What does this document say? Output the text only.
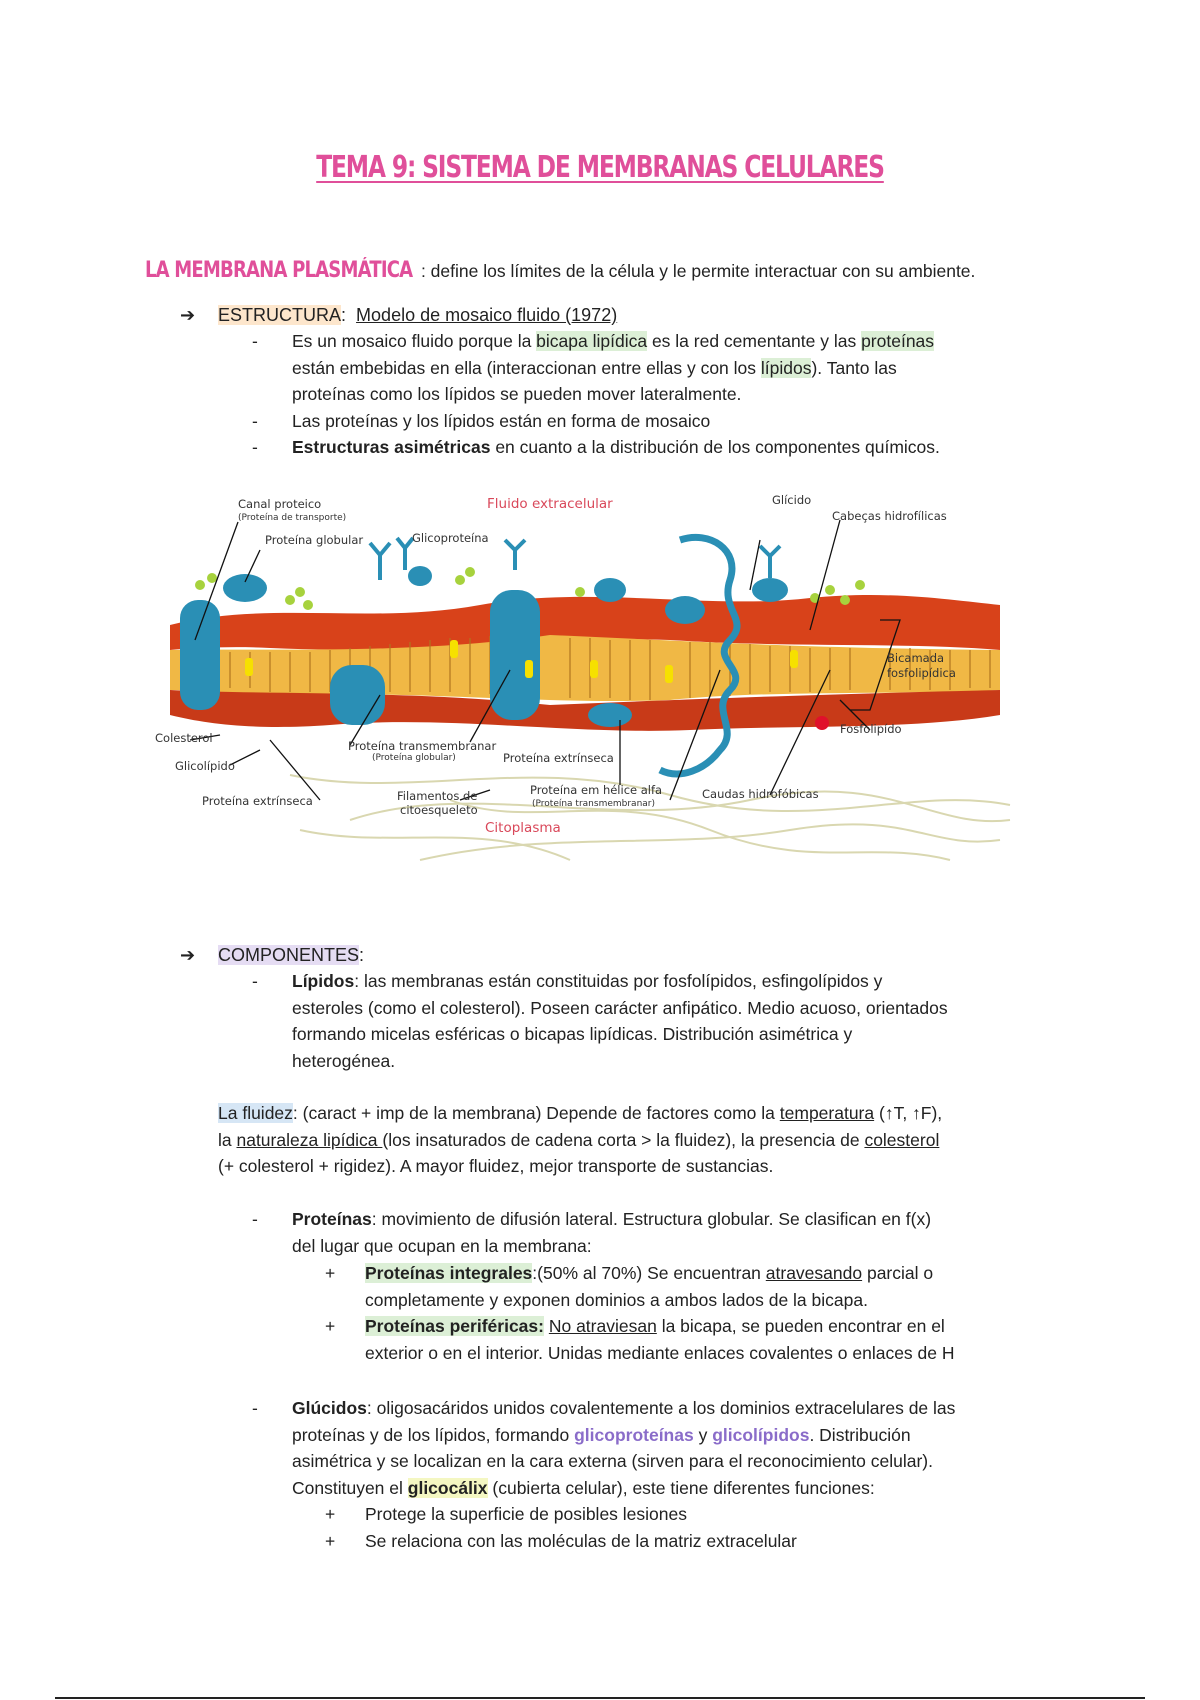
TEMA 9: SISTEMA DE MEMBRANAS CELULARES
LA MEMBRANA PLASMÁTICA : define los límites de la célula y le permite interactuar con su ambiente.
➔ ESTRUCTURA: Modelo de mosaico fluido (1972)
-	Es un mosaico fluido porque la bicapa lipídica es la red cementante y las proteínas
están embebidas en ella (interaccionan entre ellas y con los lípidos). Tanto las
proteínas como los lípidos se pueden mover lateralmente.
-	Las proteínas y los lípidos están en forma de mosaico
-	Estructuras asimétricas en cuanto a la distribución de los componentes químicos.
Canal proteico
(Proteína de transporte)
Proteína globular	Glicoproteína
Fluido extracelular	Glícido
Cabeças hidrofílicas
Bicamada
fosfolipídica
Fosfolipído
Colesterol
Glicolípido
Proteína transmembranar
(Proteína globular)	Proteína extrínseca
Proteína extrínseca	Filamentos de
citoesqueleto
Proteína em hélice alfa
(Proteína transmembranar)
Caudas hidrofóbicas
Citoplasma
➔ COMPONENTES:
-	Lípidos: las membranas están constituidas por fosfolípidos, esfingolípidos y
esteroles (como el colesterol). Poseen carácter anfipático. Medio acuoso, orientados
formando micelas esféricas o bicapas lipídicas. Distribución asimétrica y
heterogénea.
La fluidez: (caract + imp de la membrana) Depende de factores como la temperatura (↑T, ↑F),
la naturaleza lipídica (los insaturados de cadena corta > la fluidez), la presencia de colesterol
(+ colesterol + rigidez). A mayor fluidez, mejor transporte de sustancias.
-	Proteínas: movimiento de difusión lateral. Estructura globular. Se clasifican en f(x)
del lugar que ocupan en la membrana:
+	Proteínas integrales:(50% al 70%) Se encuentran atravesando parcial o
completamente y exponen dominios a ambos lados de la bicapa.
+	Proteínas periféricas: No atraviesan la bicapa, se pueden encontrar en el
exterior o en el interior. Unidas mediante enlaces covalentes o enlaces de H
-	Glúcidos: oligosacáridos unidos covalentemente a los dominios extracelulares de las
proteínas y de los lípidos, formando glicoproteínas y glicolípidos. Distribución
asimétrica y se localizan en la cara externa (sirven para el reconocimiento celular).
Constituyen el glicocálix (cubierta celular), este tiene diferentes funciones:
+	Protege la superficie de posibles lesiones
+	Se relaciona con las moléculas de la matriz extracelular
